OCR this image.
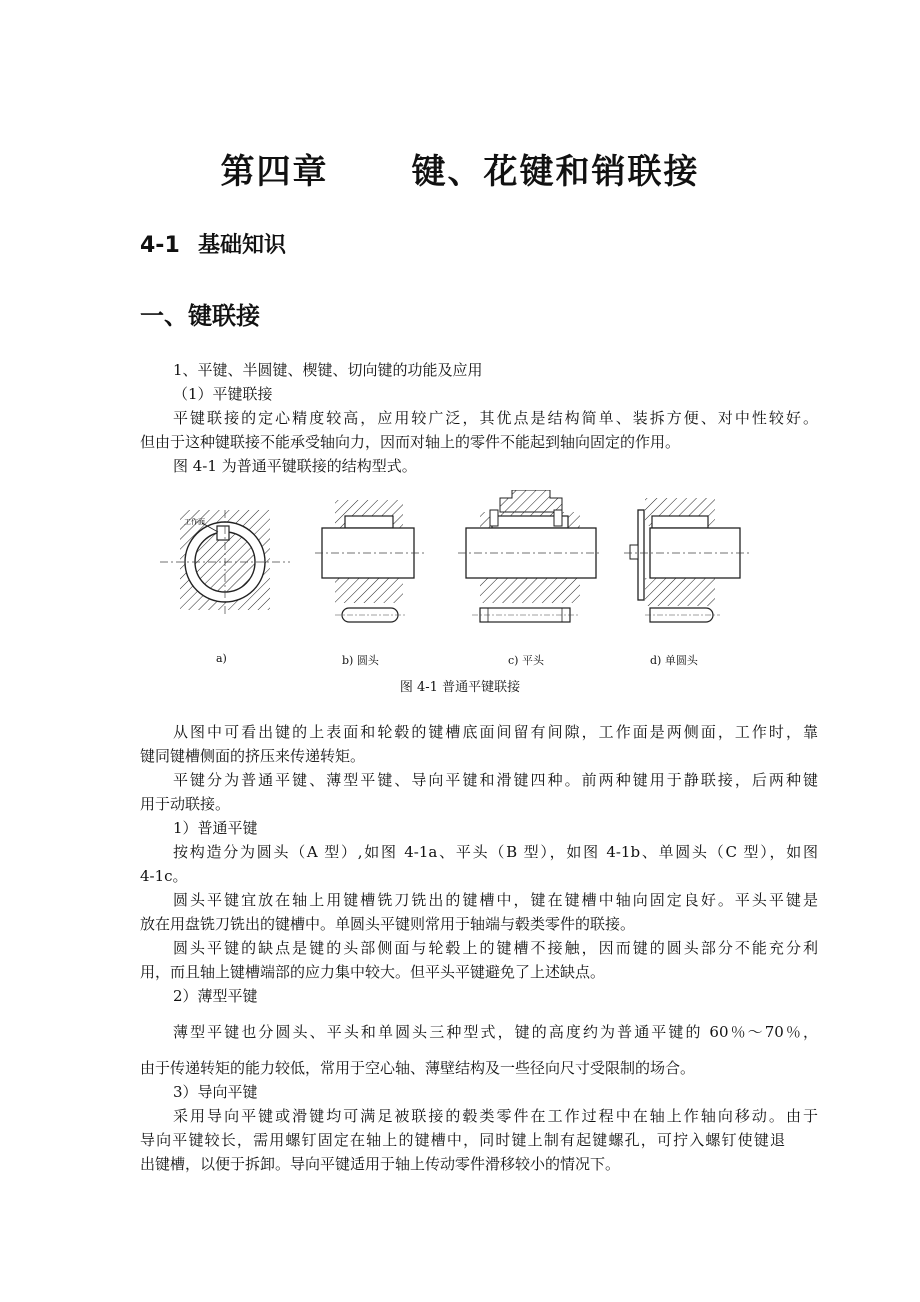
第四章      键、花键和销联接
4-1 基础知识
一、键联接
1、平键、半圆键、楔键、切向键的功能及应用
（1）平键联接
平键联接的定心精度较高，应用较广泛，其优点是结构简单、装拆方便、对中性较好。
但由于这种键联接不能承受轴向力，因而对轴上的零件不能起到轴向固定的作用。
图 4-1 为普通平键联接的结构型式。
工作面
a)	b) 圆头	c) 平头	d) 单圆头
图 4-1 普通平键联接
从图中可看出键的上表面和轮毂的键槽底面间留有间隙，工作面是两侧面，工作时，靠
键同键槽侧面的挤压来传递转矩。
平键分为普通平键、薄型平键、导向平键和滑键四种。前两种键用于静联接，后两种键
用于动联接。
1）普通平键
按构造分为圆头（A 型）,如图 4-1a、平头（B 型），如图 4-1b、单圆头（C 型），如图
4-1c。
圆头平键宜放在轴上用键槽铣刀铣出的键槽中，键在键槽中轴向固定良好。平头平键是
放在用盘铣刀铣出的键槽中。单圆头平键则常用于轴端与毂类零件的联接。
圆头平键的缺点是键的头部侧面与轮毂上的键槽不接触，因而键的圆头部分不能充分利
用，而且轴上键槽端部的应力集中较大。但平头平键避免了上述缺点。
2）薄型平键
薄型平键也分圆头、平头和单圆头三种型式，键的高度约为普通平键的 60％～70％，
由于传递转矩的能力较低，常用于空心轴、薄壁结构及一些径向尺寸受限制的场合。
3）导向平键
采用导向平键或滑键均可满足被联接的毂类零件在工作过程中在轴上作轴向移动。由于
导向平键较长，需用螺钉固定在轴上的键槽中，同时键上制有起键螺孔，可拧入螺钉使键退
出键槽，以便于拆卸。导向平键适用于轴上传动零件滑移较小的情况下。
